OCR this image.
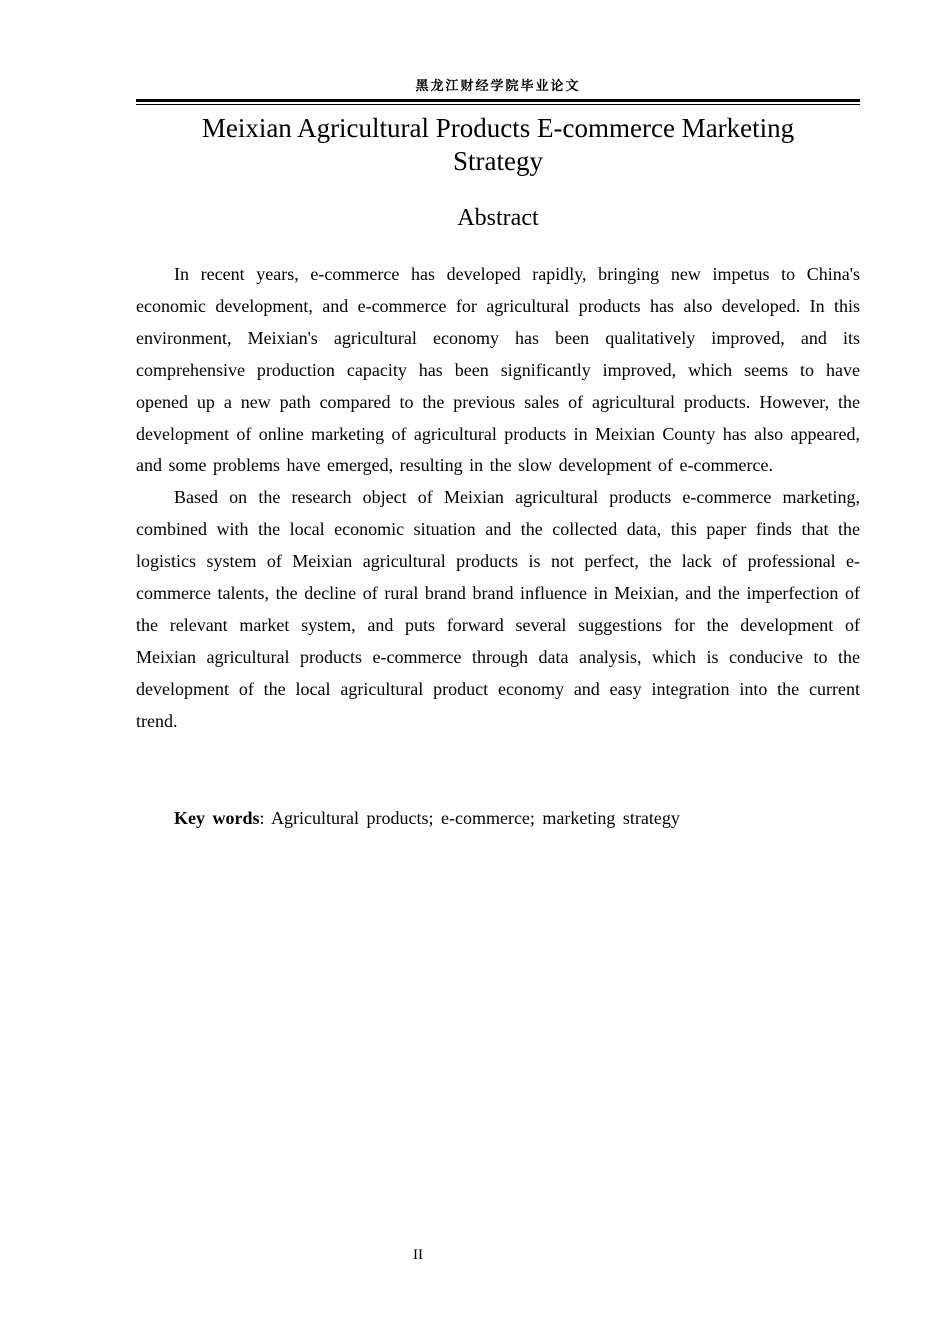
黑龙江财经学院毕业论文
Meixian Agricultural Products E-commerce Marketing
Strategy
Abstract

In recent years, e-commerce has developed rapidly, bringing new impetus to China's economic development, and e-commerce for agricultural products has also developed. In this environment, Meixian's agricultural economy has been qualitatively improved, and its comprehensive production capacity has been significantly improved, which seems to have opened up a new path compared to the previous sales of agricultural products. However, the development of online marketing of agricultural products in Meixian County has also appeared, and some problems have emerged, resulting in the slow development of e-commerce.

Based on the research object of Meixian agricultural products e-commerce marketing, combined with the local economic situation and the collected data, this paper finds that the logistics system of Meixian agricultural products is not perfect, the lack of professional e-commerce talents, the decline of rural brand brand influence in Meixian, and the imperfection of the relevant market system, and puts forward several suggestions for the development of Meixian agricultural products e-commerce through data analysis, which is conducive to the development of the local agricultural product economy and easy integration into the current trend.

Key words: Agricultural products; e-commerce; marketing strategy
II
